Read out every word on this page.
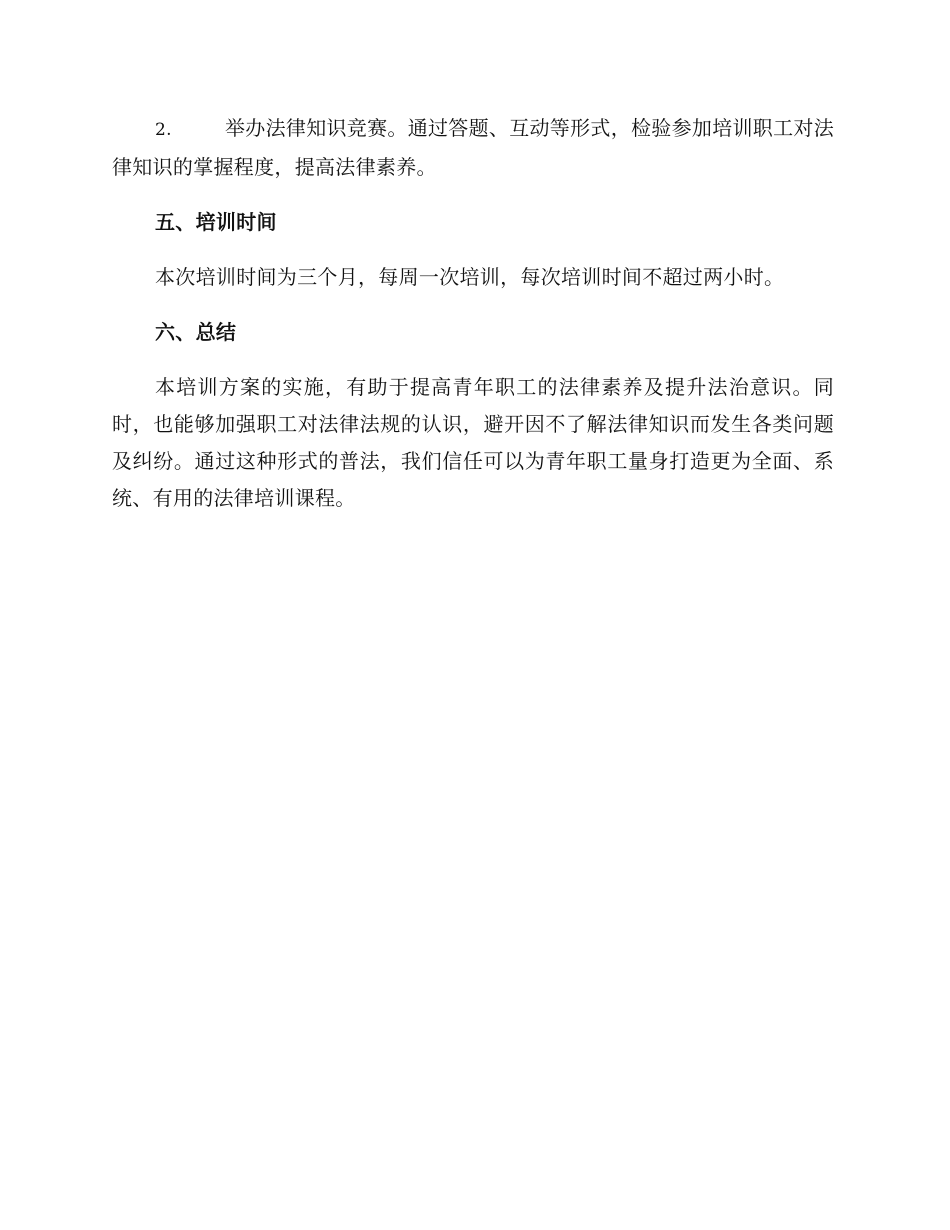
2.	举办法律知识竞赛。通过答题、互动等形式，检验参加培训职工对法律知识的掌握程度，提高法律素养。

五、培训时间

本次培训时间为三个月，每周一次培训，每次培训时间不超过两小时。

六、总结

本培训方案的实施，有助于提高青年职工的法律素养及提升法治意识。同时，也能够加强职工对法律法规的认识，避开因不了解法律知识而发生各类问题及纠纷。通过这种形式的普法，我们信任可以为青年职工量身打造更为全面、系统、有用的法律培训课程。
